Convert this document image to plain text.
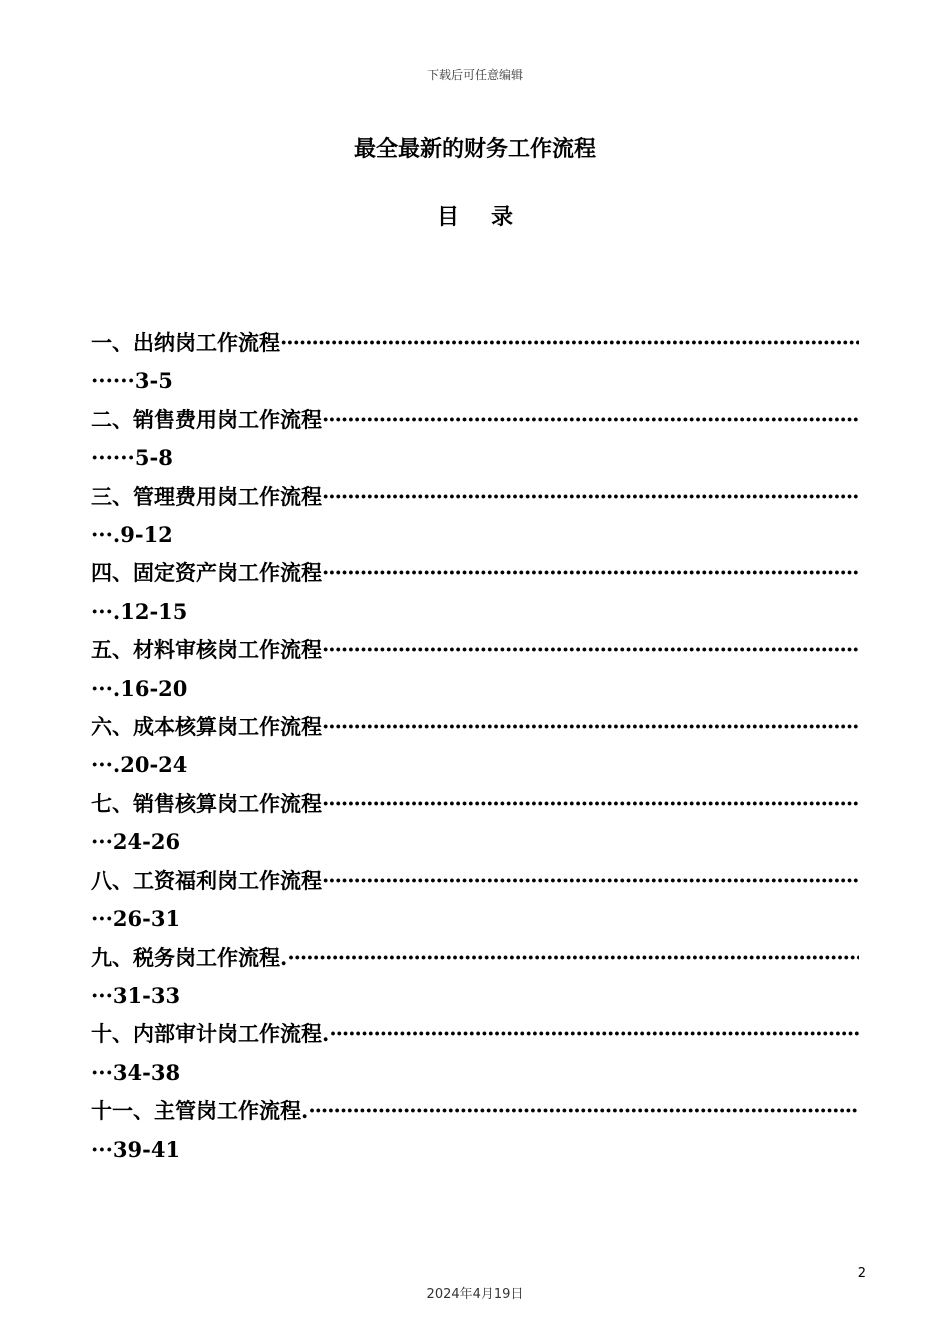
下载后可任意编辑
最全最新的财务工作流程
目录
一、出纳岗工作流程
·····
······3-5
二、销售费用岗工作流程
·····
······5-8
三、管理费用岗工作流程
·····
···.9-12
四、固定资产岗工作流程
·····
···.12-15
五、材料审核岗工作流程
·····
···.16-20
六、成本核算岗工作流程
·····
···.20-24
七、销售核算岗工作流程
·····
···24-26
八、工资福利岗工作流程
·····
···26-31
九、税务岗工作流程.
·····
···31-33
十、内部审计岗工作流程.
·····
···34-38
十一、主管岗工作流程.
·····
···39-41
2
2024年4月19日
